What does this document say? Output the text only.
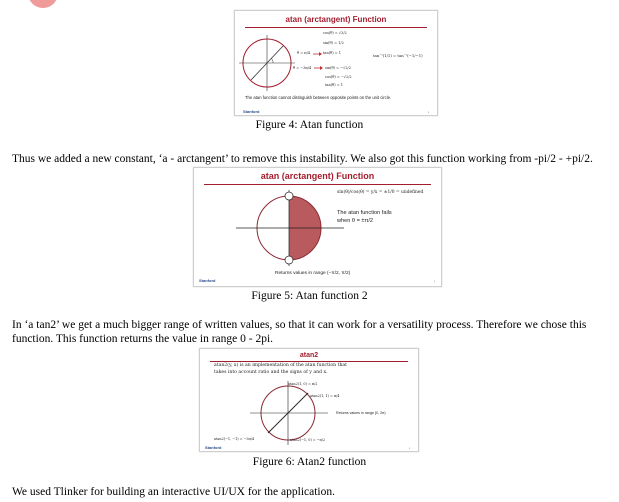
atan (arctangent) Function
cos(θ) = √3/2
sin(θ) = 1/2
θ = π/4	tan(θ) = 1
θ = −3π/4	sin(θ) = −√2/2
cos(θ) = −√2/2
tan(θ) = 1
tan⁻¹(1/1) = tan⁻¹(−1/−1)
The atan function cannot distinguish between opposite points on the unit circle.
Stanford	▪
Figure 4: Atan function
Thus we added a new constant, ‘a - arctangent’ to remove this instability. We also got this function working from -pi/2 - +pi/2.
atan (arctangent) Function
sin(θ)/cos(θ) = y/x = ±1/0 = undefined
The atan function fails
when θ = ±π/2
Returns values in range (−π/2, π/2)
Stanford	▪
Figure 5: Atan function 2
In ‘a tan2’ we get a much bigger range of written values, so that it can work for a versatility process. Therefore we chose this function. This function returns the value in range 0 - 2pi.
atan2
atan2(y, x) is an implementation of the atan function that
takes into account ratio and the signs of y and x.
atan2(1, 0) = π/2
atan2(1, 1) = π/4
atan2(−1, −1) = −3π/4	atan2(−1, 0) = −π/2
Returns values in range [0, 2π)
Stanford	▪
Figure 6: Atan2 function
We used Tlinker for building an interactive UI/UX for the application.
